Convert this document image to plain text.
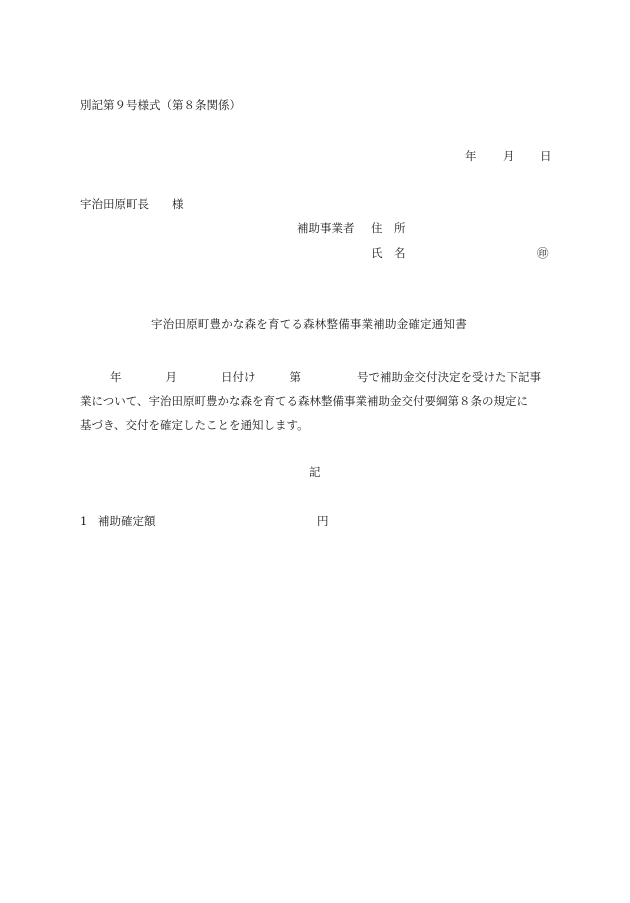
別記第９号様式（第８条関係）
年 月 日
宇治田原町長　　様
補助事業者 住　所
氏　名	㊞
宇治田原町豊かな森を育てる森林整備事業補助金確定通知書
年	月	日付け	第	号で補助金交付決定を受けた下記事
業について、宇治田原町豊かな森を育てる森林整備事業補助金交付要綱第８条の規定に
基づき、交付を確定したことを通知します。
記
1 補助確定額	円
